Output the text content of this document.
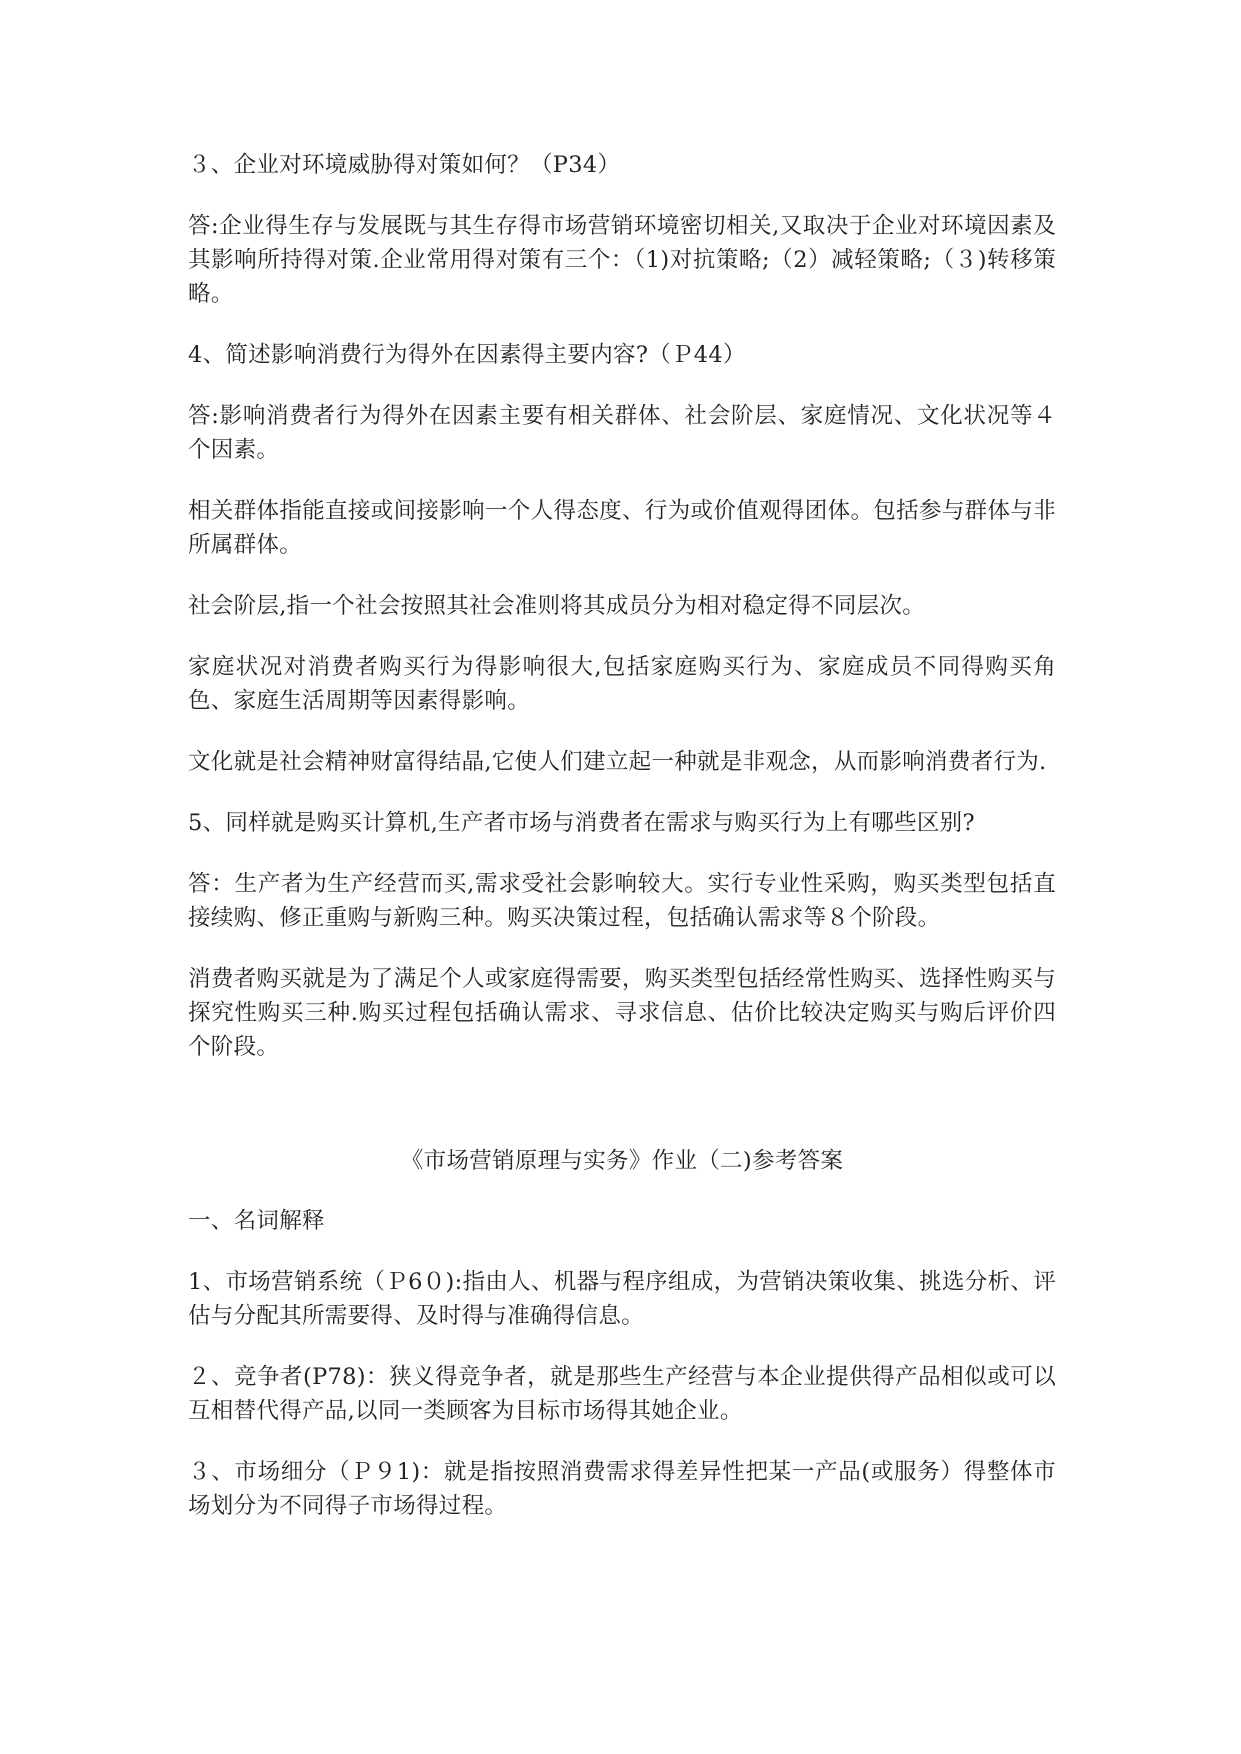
３、企业对环境威胁得对策如何？（P34）

答:企业得生存与发展既与其生存得市场营销环境密切相关,又取决于企业对环境因素及其影响所持得对策.企业常用得对策有三个：（1)对抗策略;（2）减轻策略;（３)转移策略。

4、简述影响消费行为得外在因素得主要内容?（Ｐ44）

答:影响消费者行为得外在因素主要有相关群体、社会阶层、家庭情况、文化状况等４个因素。

相关群体指能直接或间接影响一个人得态度、行为或价值观得团体。包括参与群体与非所属群体。

社会阶层,指一个社会按照其社会准则将其成员分为相对稳定得不同层次。

家庭状况对消费者购买行为得影响很大,包括家庭购买行为、家庭成员不同得购买角色、家庭生活周期等因素得影响。

文化就是社会精神财富得结晶,它使人们建立起一种就是非观念，从而影响消费者行为.

5、同样就是购买计算机,生产者市场与消费者在需求与购买行为上有哪些区别?

答：生产者为生产经营而买,需求受社会影响较大。实行专业性采购，购买类型包括直接续购、修正重购与新购三种。购买决策过程，包括确认需求等８个阶段。

消费者购买就是为了满足个人或家庭得需要，购买类型包括经常性购买、选择性购买与探究性购买三种.购买过程包括确认需求、寻求信息、估价比较决定购买与购后评价四个阶段。

《市场营销原理与实务》作业（二)参考答案

一、名词解释

1、市场营销系统（Ｐ6０):指由人、机器与程序组成，为营销决策收集、挑选分析、评估与分配其所需要得、及时得与准确得信息。

２、竞争者(P78)：狭义得竞争者，就是那些生产经营与本企业提供得产品相似或可以互相替代得产品,以同一类顾客为目标市场得其她企业。

３、市场细分（Ｐ９1)：就是指按照消费需求得差异性把某一产品(或服务）得整体市场划分为不同得子市场得过程。
